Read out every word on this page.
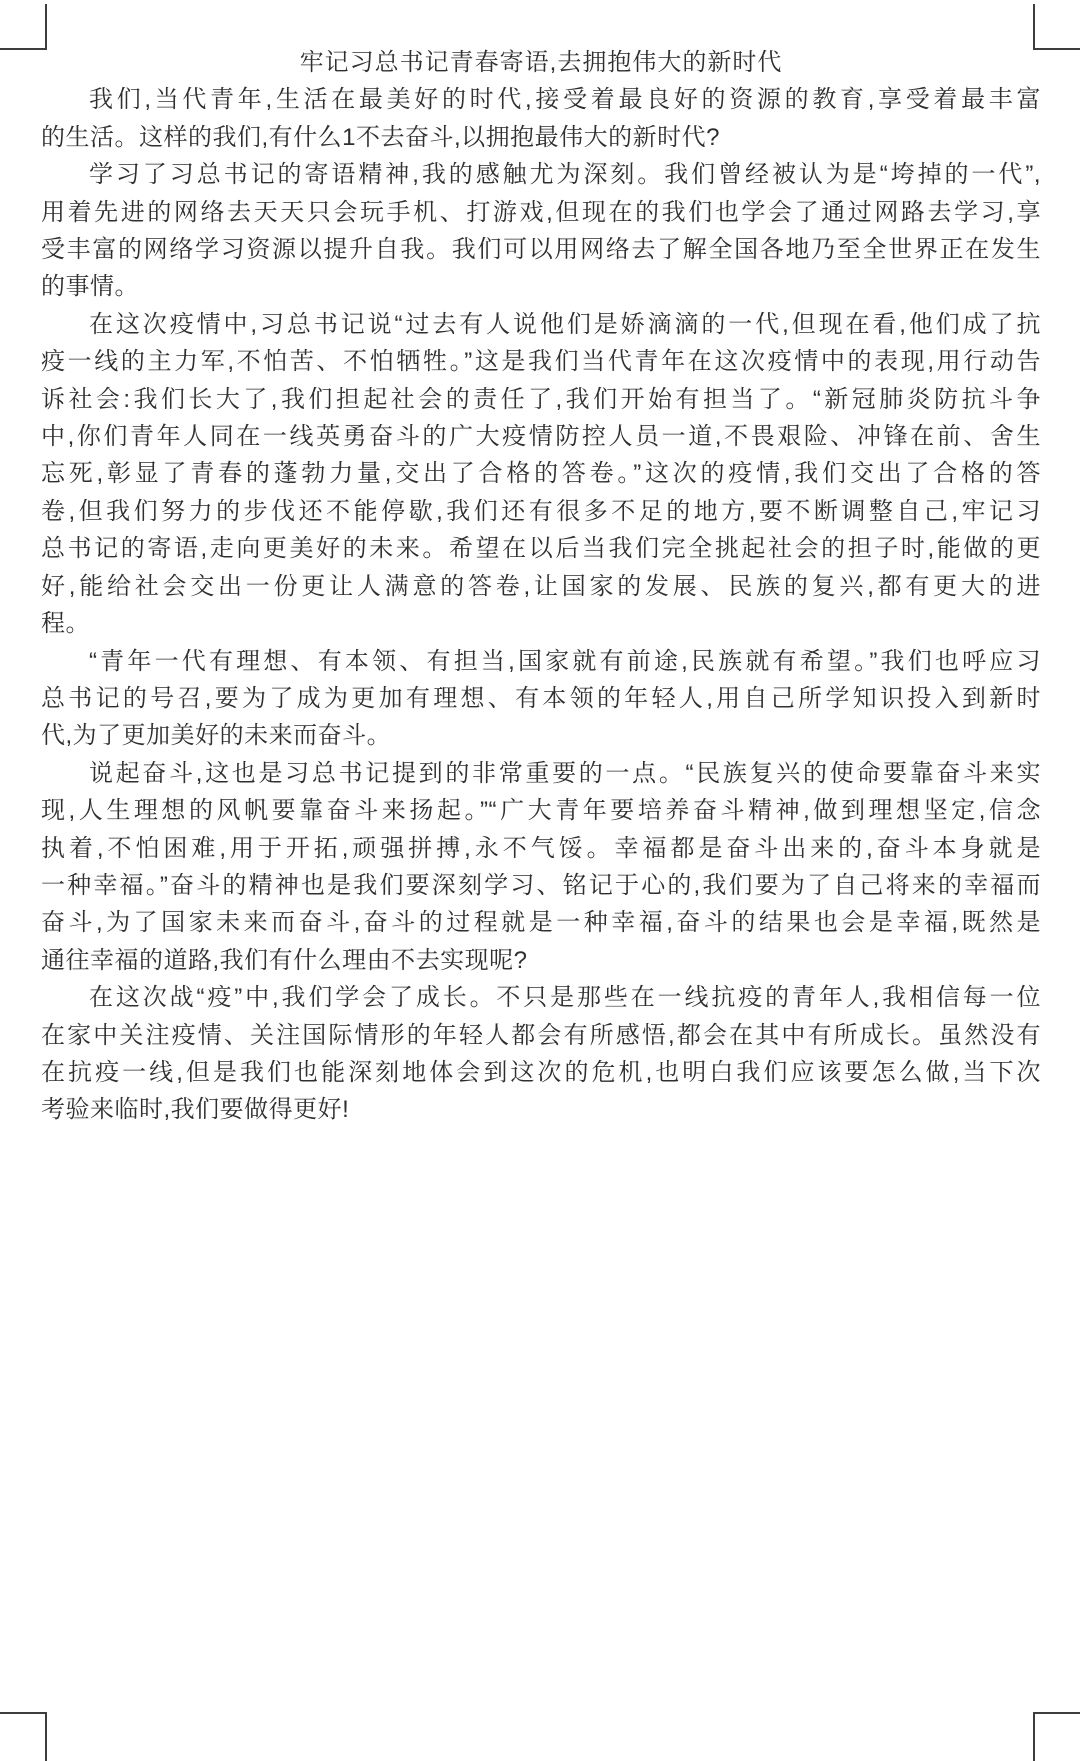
牢记习总书记青春寄语,去拥抱伟大的新时代
我们,当代青年,生活在最美好的时代,接受着最良好的资源的教育,享受着最丰富
的生活。这样的我们,有什么1不去奋斗,以拥抱最伟大的新时代?
学习了习总书记的寄语精神,我的感触尤为深刻。我们曾经被认为是“垮掉的一代”,
用着先进的网络去天天只会玩手机、打游戏,但现在的我们也学会了通过网路去学习,享
受丰富的网络学习资源以提升自我。我们可以用网络去了解全国各地乃至全世界正在发生
的事情。
在这次疫情中,习总书记说“过去有人说他们是娇滴滴的一代,但现在看,他们成了抗
疫一线的主力军,不怕苦、不怕牺牲。”这是我们当代青年在这次疫情中的表现,用行动告
诉社会:我们长大了,我们担起社会的责任了,我们开始有担当了。“新冠肺炎防抗斗争
中,你们青年人同在一线英勇奋斗的广大疫情防控人员一道,不畏艰险、冲锋在前、舍生
忘死,彰显了青春的蓬勃力量,交出了合格的答卷。”这次的疫情,我们交出了合格的答
卷,但我们努力的步伐还不能停歇,我们还有很多不足的地方,要不断调整自己,牢记习
总书记的寄语,走向更美好的未来。希望在以后当我们完全挑起社会的担子时,能做的更
好,能给社会交出一份更让人满意的答卷,让国家的发展、民族的复兴,都有更大的进
程。
“青年一代有理想、有本领、有担当,国家就有前途,民族就有希望。”我们也呼应习
总书记的号召,要为了成为更加有理想、有本领的年轻人,用自己所学知识投入到新时
代,为了更加美好的未来而奋斗。
说起奋斗,这也是习总书记提到的非常重要的一点。“民族复兴的使命要靠奋斗来实
现,人生理想的风帆要靠奋斗来扬起。”“广大青年要培养奋斗精神,做到理想坚定,信念
执着,不怕困难,用于开拓,顽强拼搏,永不气馁。幸福都是奋斗出来的,奋斗本身就是
一种幸福。”奋斗的精神也是我们要深刻学习、铭记于心的,我们要为了自己将来的幸福而
奋斗,为了国家未来而奋斗,奋斗的过程就是一种幸福,奋斗的结果也会是幸福,既然是
通往幸福的道路,我们有什么理由不去实现呢?
在这次战“疫”中,我们学会了成长。不只是那些在一线抗疫的青年人,我相信每一位
在家中关注疫情、关注国际情形的年轻人都会有所感悟,都会在其中有所成长。虽然没有
在抗疫一线,但是我们也能深刻地体会到这次的危机,也明白我们应该要怎么做,当下次
考验来临时,我们要做得更好!
